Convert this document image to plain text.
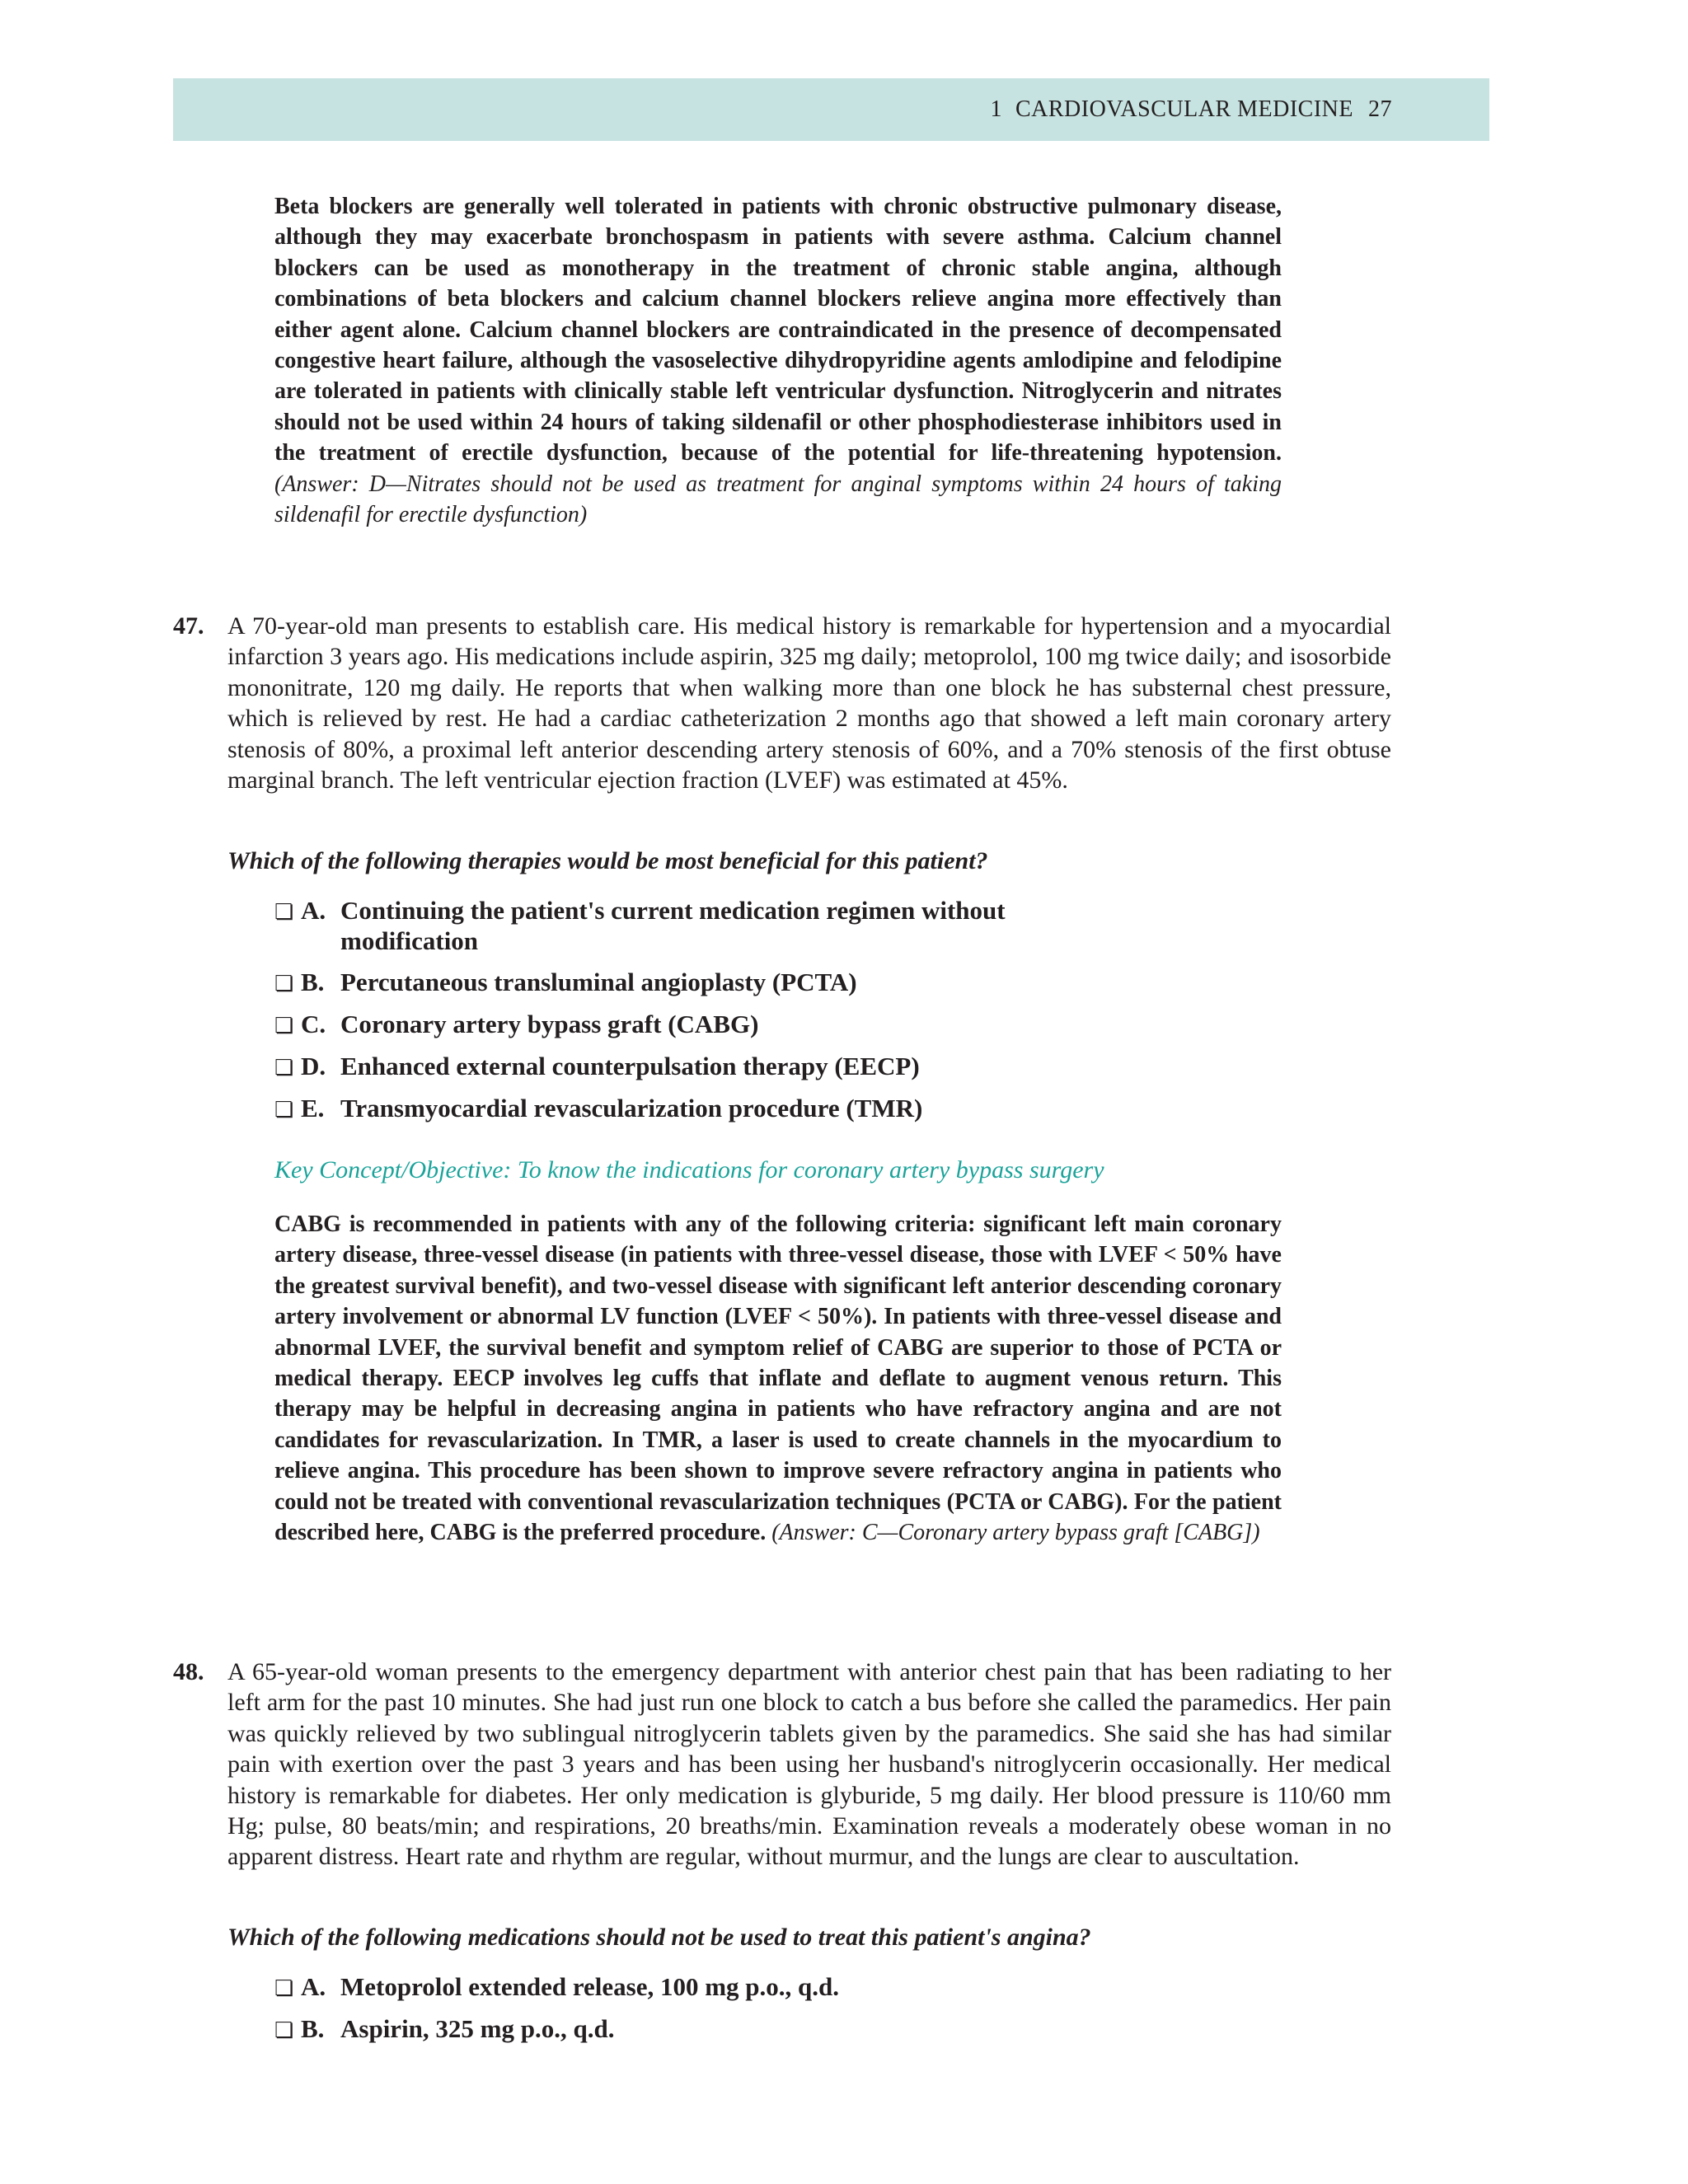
1 CARDIOVASCULAR MEDICINE 27
Beta blockers are generally well tolerated in patients with chronic obstructive pulmonary disease, although they may exacerbate bronchospasm in patients with severe asthma. Calcium channel blockers can be used as monotherapy in the treatment of chronic stable angina, although combinations of beta blockers and calcium channel blockers relieve angina more effectively than either agent alone. Calcium channel blockers are contraindicated in the presence of decompensated congestive heart failure, although the vasoselective dihydropyridine agents amlodipine and felodipine are tolerated in patients with clinically stable left ventricular dysfunction. Nitroglycerin and nitrates should not be used within 24 hours of taking sildenafil or other phosphodiesterase inhibitors used in the treatment of erectile dysfunction, because of the potential for life-threatening hypotension. (Answer: D—Nitrates should not be used as treatment for anginal symptoms within 24 hours of taking sildenafil for erectile dysfunction)
47. A 70-year-old man presents to establish care. His medical history is remarkable for hypertension and a myocardial infarction 3 years ago. His medications include aspirin, 325 mg daily; metoprolol, 100 mg twice daily; and isosorbide mononitrate, 120 mg daily. He reports that when walking more than one block he has substernal chest pressure, which is relieved by rest. He had a cardiac catheterization 2 months ago that showed a left main coronary artery stenosis of 80%, a proximal left anterior descending artery stenosis of 60%, and a 70% stenosis of the first obtuse marginal branch. The left ventricular ejection fraction (LVEF) was estimated at 45%.
Which of the following therapies would be most beneficial for this patient?
❏ A. Continuing the patient's current medication regimen without modification
❏ B. Percutaneous transluminal angioplasty (PCTA)
❏ C. Coronary artery bypass graft (CABG)
❏ D. Enhanced external counterpulsation therapy (EECP)
❏ E. Transmyocardial revascularization procedure (TMR)
Key Concept/Objective: To know the indications for coronary artery bypass surgery
CABG is recommended in patients with any of the following criteria: significant left main coronary artery disease, three-vessel disease (in patients with three-vessel disease, those with LVEF < 50% have the greatest survival benefit), and two-vessel disease with significant left anterior descending coronary artery involvement or abnormal LV function (LVEF < 50%). In patients with three-vessel disease and abnormal LVEF, the survival benefit and symptom relief of CABG are superior to those of PCTA or medical therapy. EECP involves leg cuffs that inflate and deflate to augment venous return. This therapy may be helpful in decreasing angina in patients who have refractory angina and are not candidates for revascularization. In TMR, a laser is used to create channels in the myocardium to relieve angina. This procedure has been shown to improve severe refractory angina in patients who could not be treated with conventional revascularization techniques (PCTA or CABG). For the patient described here, CABG is the preferred procedure. (Answer: C—Coronary artery bypass graft [CABG])
48. A 65-year-old woman presents to the emergency department with anterior chest pain that has been radiating to her left arm for the past 10 minutes. She had just run one block to catch a bus before she called the paramedics. Her pain was quickly relieved by two sublingual nitroglycerin tablets given by the paramedics. She said she has had similar pain with exertion over the past 3 years and has been using her husband's nitroglycerin occasionally. Her medical history is remarkable for diabetes. Her only medication is glyburide, 5 mg daily. Her blood pressure is 110/60 mm Hg; pulse, 80 beats/min; and respirations, 20 breaths/min. Examination reveals a moderately obese woman in no apparent distress. Heart rate and rhythm are regular, without murmur, and the lungs are clear to auscultation.
Which of the following medications should not be used to treat this patient's angina?
❏ A. Metoprolol extended release, 100 mg p.o., q.d.
❏ B. Aspirin, 325 mg p.o., q.d.
